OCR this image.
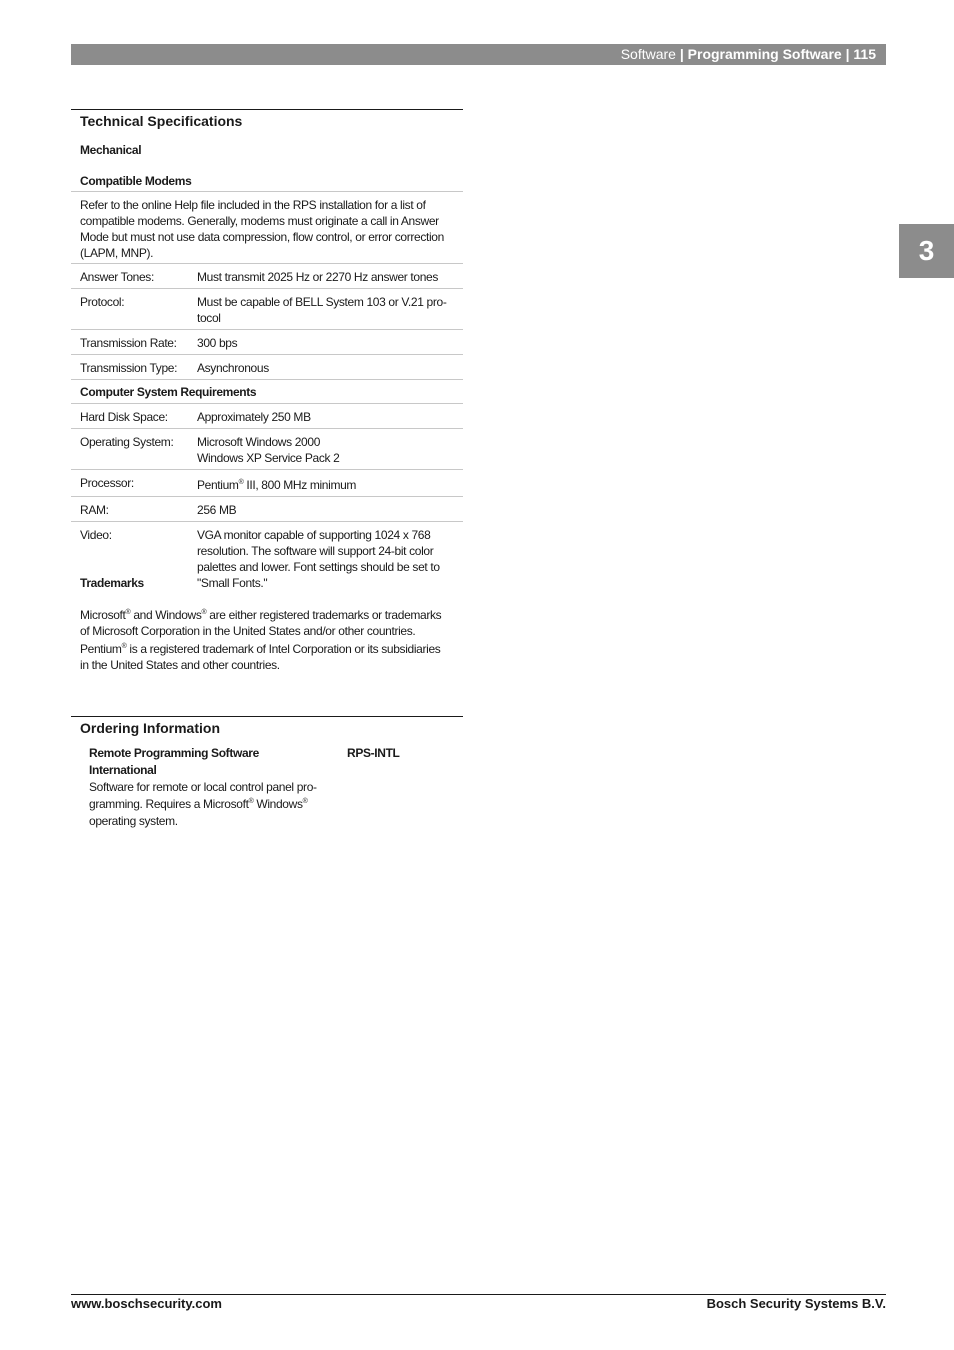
Software | Programming Software | 115
3
Technical Specifications
Mechanical
Compatible Modems
Refer to the online Help file included in the RPS installation for a list of
compatible modems. Generally, modems must originate a call in Answer
Mode but must not use data compression, flow control, or error correction
(LAPM, MNP).
Answer Tones:	Must transmit 2025 Hz or 2270 Hz answer tones
Protocol:	Must be capable of BELL System 103 or V.21 pro-
tocol
Transmission Rate:	300 bps
Transmission Type:	Asynchronous
Computer System Requirements
Hard Disk Space:	Approximately 250 MB
Operating System:	Microsoft Windows 2000
Windows XP Service Pack 2
Processor:	Pentium® III, 800 MHz minimum
RAM:	256 MB
Video:	VGA monitor capable of supporting 1024 x 768
resolution. The software will support 24-bit color
palettes and lower. Font settings should be set to
"Small Fonts."
Trademarks
Microsoft® and Windows® are either registered trademarks or trademarks
of Microsoft Corporation in the United States and/or other countries.
Pentium® is a registered trademark of Intel Corporation or its subsidiaries
in the United States and other countries.
Ordering Information
Remote Programming Software
International
RPS-INTL
Software for remote or local control panel pro-
gramming. Requires a Microsoft® Windows®
operating system.
www.boschsecurity.com	Bosch Security Systems B.V.
